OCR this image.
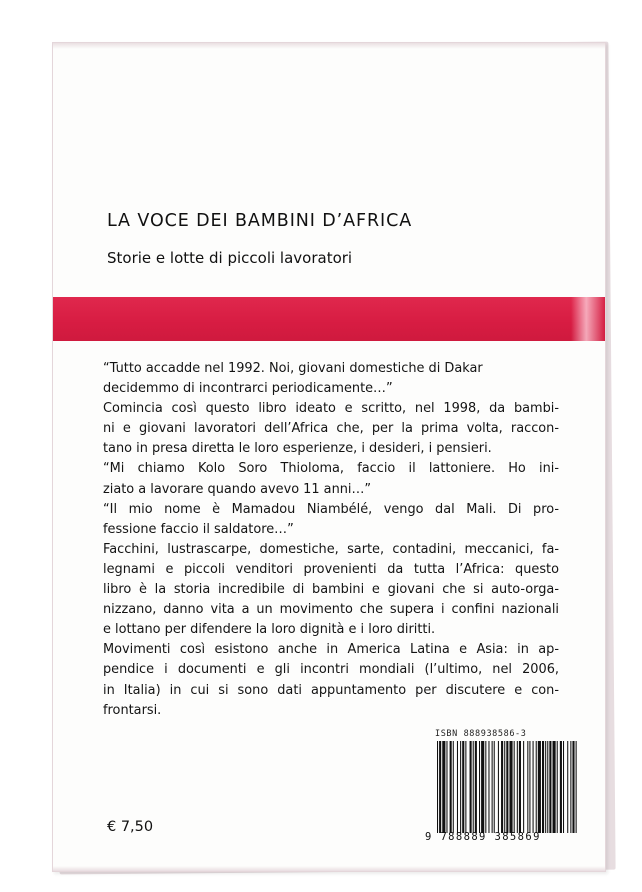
LA VOCE DEI BAMBINI D’AFRICA
Storie e lotte di piccoli lavoratori
“Tutto accadde nel 1992. Noi, giovani domestiche di Dakar
decidemmo di incontrarci periodicamente…”
Comincia così questo libro ideato e scritto, nel 1998, da bambi-
ni e giovani lavoratori dell’Africa che, per la prima volta, raccon-
tano in presa diretta le loro esperienze, i desideri, i pensieri.
“Mi chiamo Kolo Soro Thioloma, faccio il lattoniere. Ho ini-
ziato a lavorare quando avevo 11 anni…”
“Il mio nome è Mamadou Niambélé, vengo dal Mali. Di pro-
fessione faccio il saldatore…”
Facchini, lustrascarpe, domestiche, sarte, contadini, meccanici, fa-
legnami e piccoli venditori provenienti da tutta l’Africa: questo
libro è la storia incredibile di bambini e giovani che si auto-orga-
nizzano, danno vita a un movimento che supera i confini nazionali
e lottano per difendere la loro dignità e i loro diritti.
Movimenti così esistono anche in America Latina e Asia: in ap-
pendice i documenti e gli incontri mondiali (l’ultimo, nel 2006,
in Italia) in cui si sono dati appuntamento per discutere e con-
frontarsi.
ISBN 888938586-3
9 788889 385869
€ 7,50
